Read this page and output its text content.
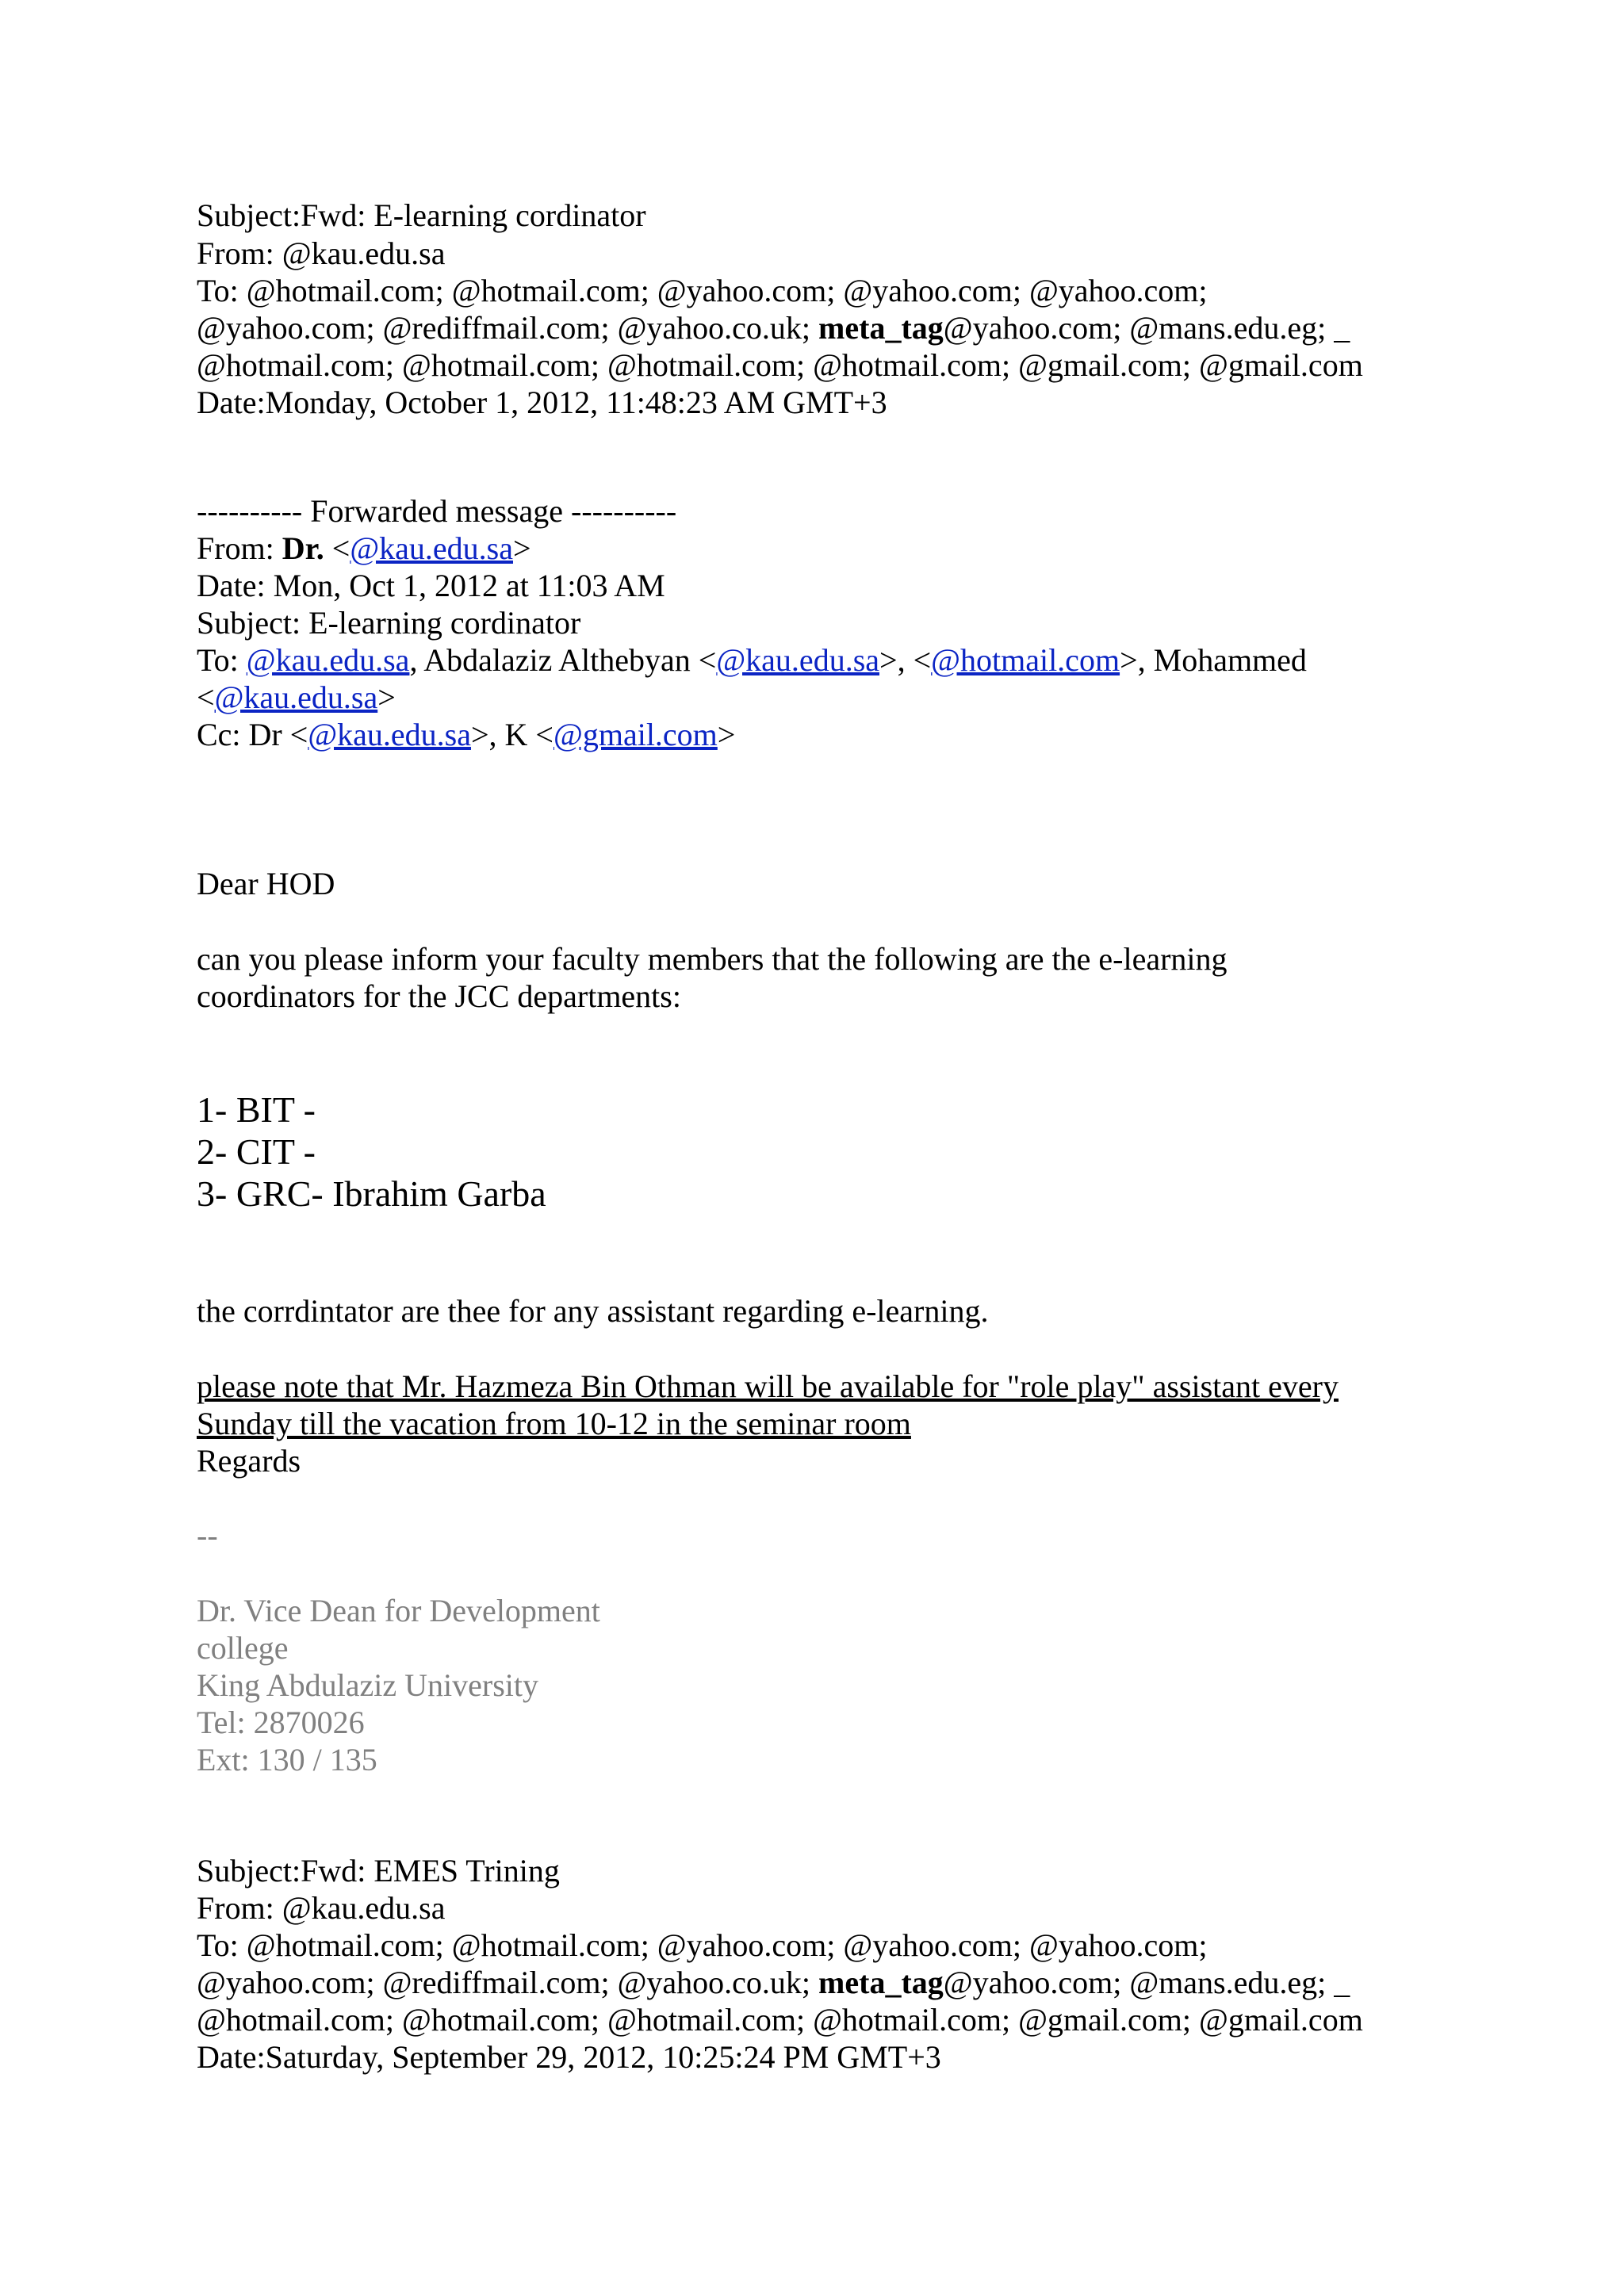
Subject:Fwd: E-learning cordinator
From: @kau.edu.sa
To: @hotmail.com; @hotmail.com; @yahoo.com; @yahoo.com; @yahoo.com;
@yahoo.com; @rediffmail.com; @yahoo.co.uk; meta_tag@yahoo.com; @mans.edu.eg; _
@hotmail.com; @hotmail.com; @hotmail.com; @hotmail.com; @gmail.com; @gmail.com
Date:Monday, October 1, 2012, 11:48:23 AM GMT+3
---------- Forwarded message ----------
From: Dr. <@kau.edu.sa>
Date: Mon, Oct 1, 2012 at 11:03 AM
Subject: E-learning cordinator
To: @kau.edu.sa, Abdalaziz Althebyan <@kau.edu.sa>, <@hotmail.com>, Mohammed
<@kau.edu.sa>
Cc: Dr <@kau.edu.sa>, K <@gmail.com>
Dear HOD
can you please inform your faculty members that the following are the e-learning
coordinators for the JCC departments:
1- BIT -
2- CIT -
3- GRC- Ibrahim Garba
the corrdintator are thee for any assistant regarding e-learning.
please note that Mr. Hazmeza Bin Othman will be available for "role play" assistant every
Sunday till the vacation from 10-12 in the seminar room
Regards
--
Dr. Vice Dean for Development
college
King Abdulaziz University
Tel: 2870026
Ext: 130 / 135
Subject:Fwd: EMES Trining
From: @kau.edu.sa
To: @hotmail.com; @hotmail.com; @yahoo.com; @yahoo.com; @yahoo.com;
@yahoo.com; @rediffmail.com; @yahoo.co.uk; meta_tag@yahoo.com; @mans.edu.eg; _
@hotmail.com; @hotmail.com; @hotmail.com; @hotmail.com; @gmail.com; @gmail.com
Date:Saturday, September 29, 2012, 10:25:24 PM GMT+3
